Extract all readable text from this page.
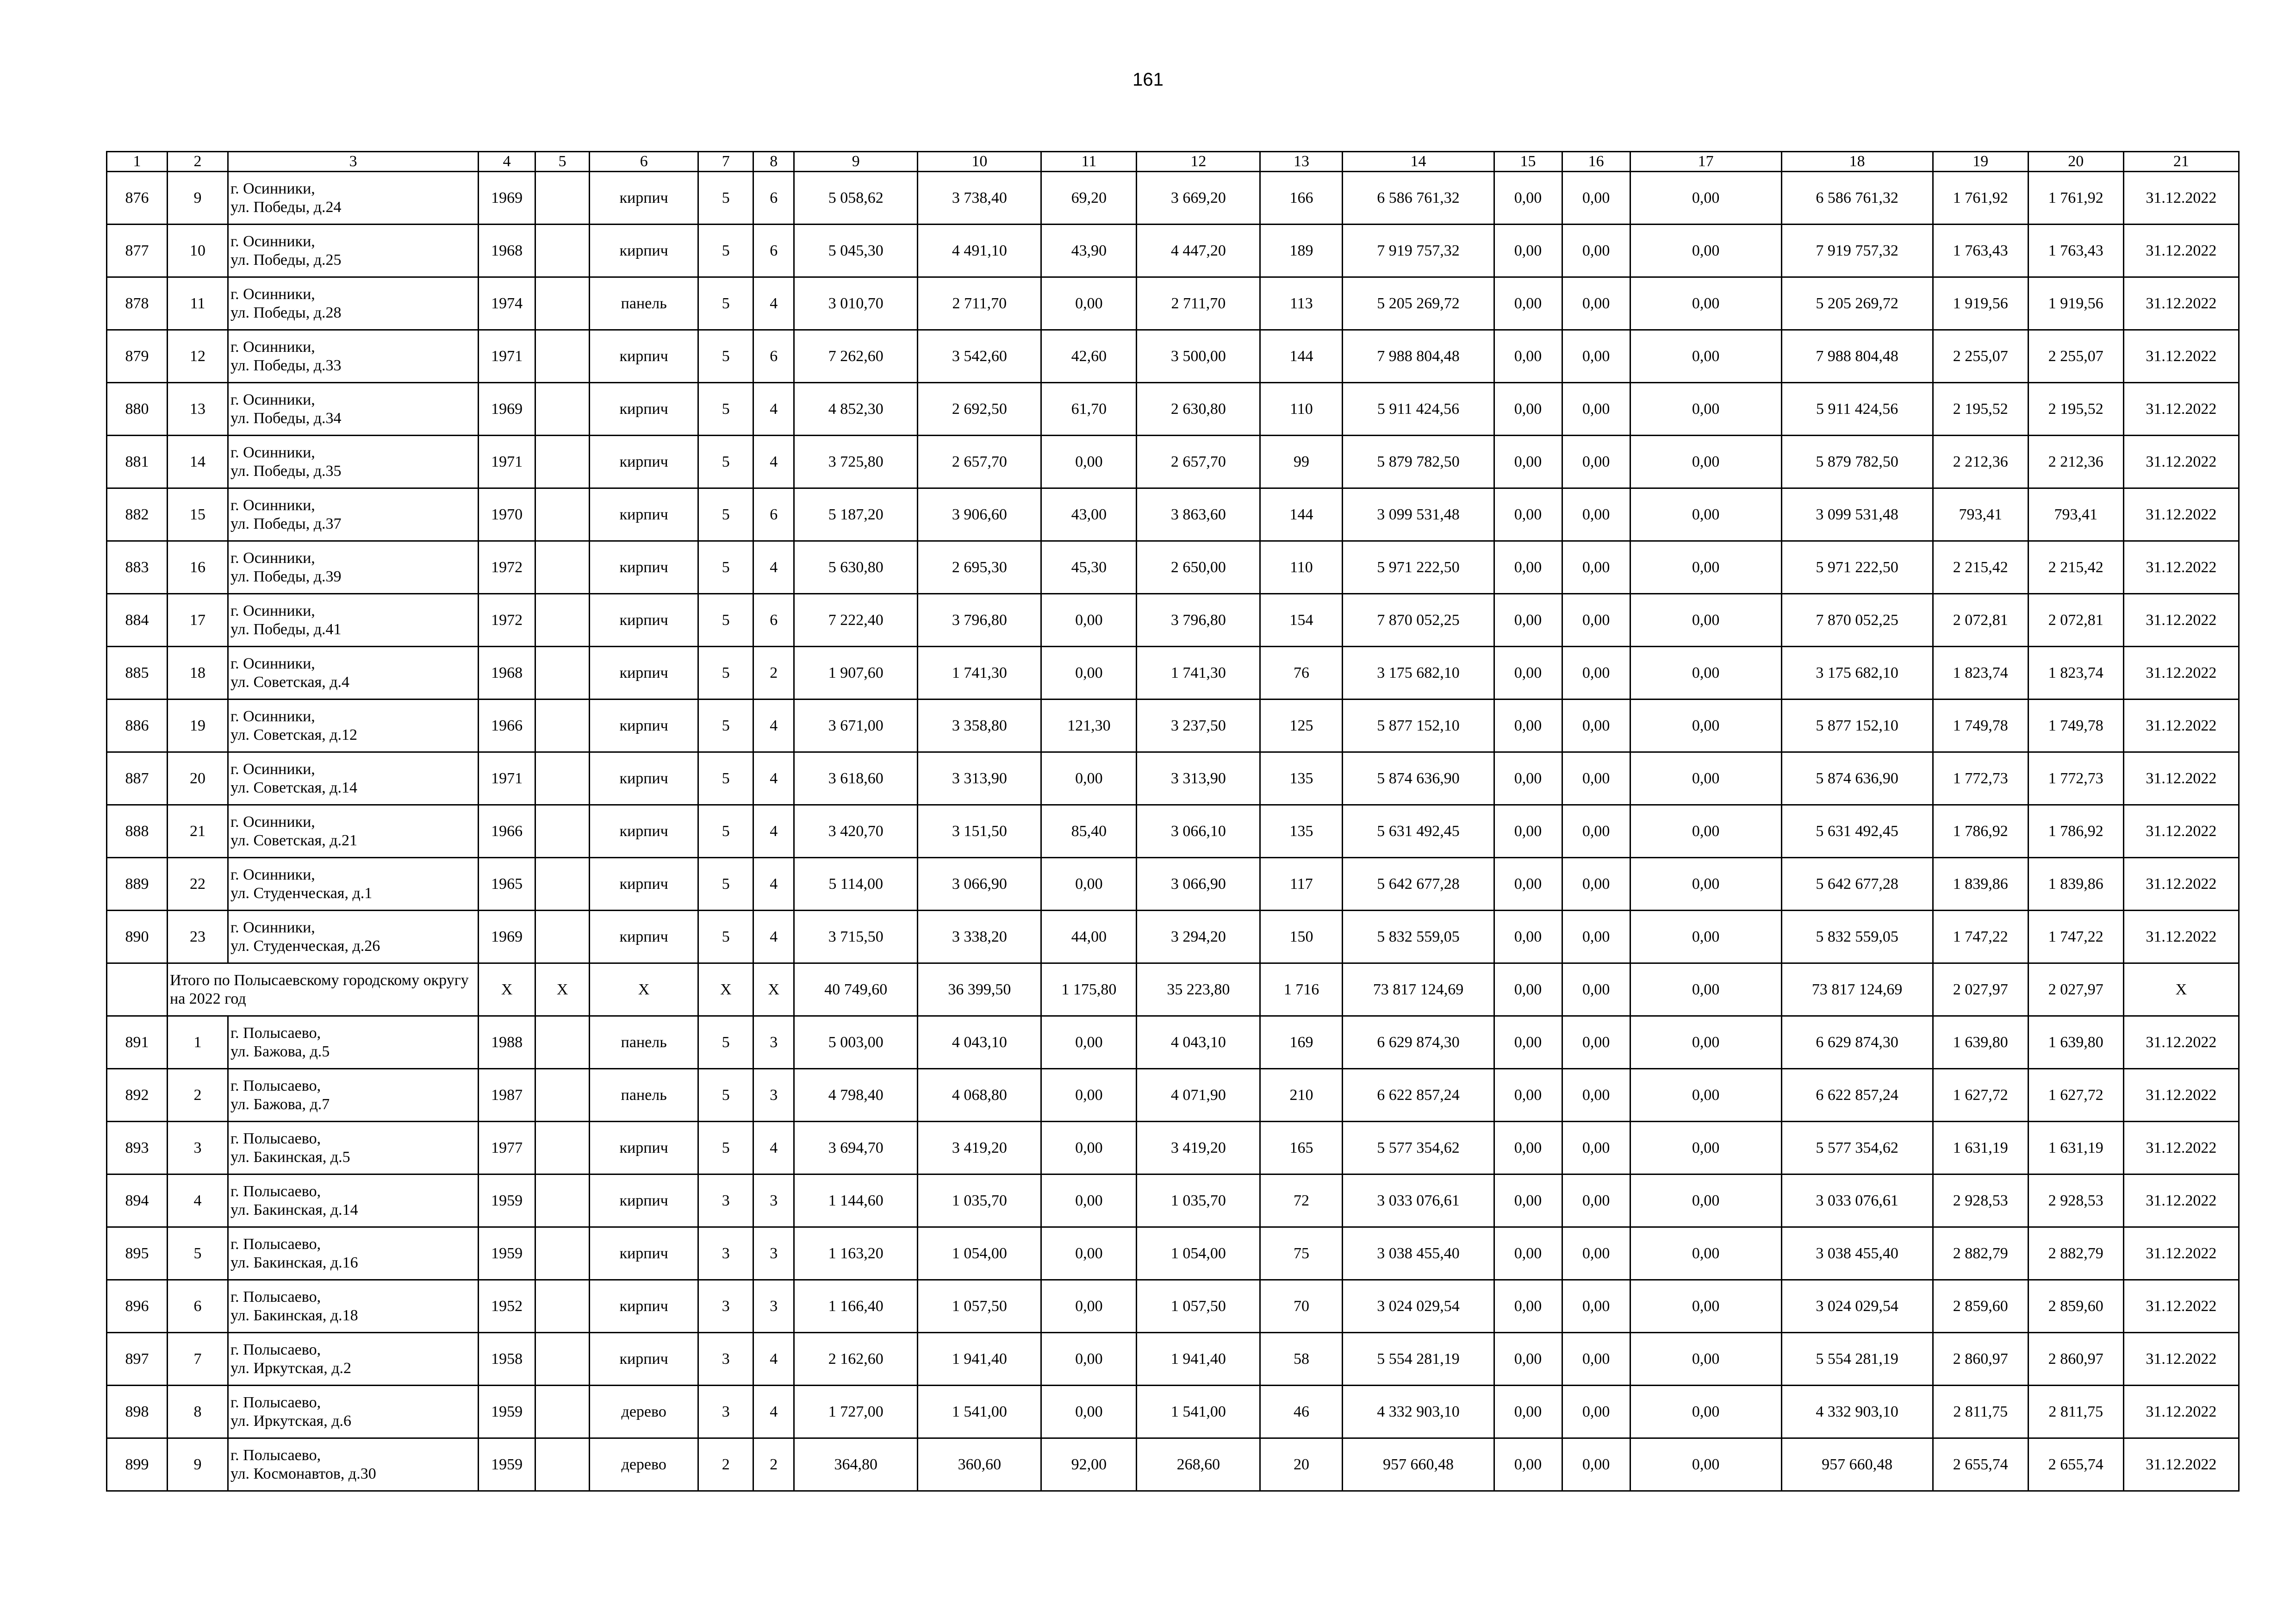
161
1	2	3	4	5	6	7	8	9	10	11	12	13	14	15	16	17	18	19	20	21
876	9	г. Осинники,
ул. Победы, д.24	1969		кирпич	5	6	5 058,62	3 738,40	69,20	3 669,20	166	6 586 761,32	0,00	0,00	0,00	6 586 761,32	1 761,92	1 761,92	31.12.2022
877	10	г. Осинники,
ул. Победы, д.25	1968		кирпич	5	6	5 045,30	4 491,10	43,90	4 447,20	189	7 919 757,32	0,00	0,00	0,00	7 919 757,32	1 763,43	1 763,43	31.12.2022
878	11	г. Осинники,
ул. Победы, д.28	1974		панель	5	4	3 010,70	2 711,70	0,00	2 711,70	113	5 205 269,72	0,00	0,00	0,00	5 205 269,72	1 919,56	1 919,56	31.12.2022
879	12	г. Осинники,
ул. Победы, д.33	1971		кирпич	5	6	7 262,60	3 542,60	42,60	3 500,00	144	7 988 804,48	0,00	0,00	0,00	7 988 804,48	2 255,07	2 255,07	31.12.2022
880	13	г. Осинники,
ул. Победы, д.34	1969		кирпич	5	4	4 852,30	2 692,50	61,70	2 630,80	110	5 911 424,56	0,00	0,00	0,00	5 911 424,56	2 195,52	2 195,52	31.12.2022
881	14	г. Осинники,
ул. Победы, д.35	1971		кирпич	5	4	3 725,80	2 657,70	0,00	2 657,70	99	5 879 782,50	0,00	0,00	0,00	5 879 782,50	2 212,36	2 212,36	31.12.2022
882	15	г. Осинники,
ул. Победы, д.37	1970		кирпич	5	6	5 187,20	3 906,60	43,00	3 863,60	144	3 099 531,48	0,00	0,00	0,00	3 099 531,48	793,41	793,41	31.12.2022
883	16	г. Осинники,
ул. Победы, д.39	1972		кирпич	5	4	5 630,80	2 695,30	45,30	2 650,00	110	5 971 222,50	0,00	0,00	0,00	5 971 222,50	2 215,42	2 215,42	31.12.2022
884	17	г. Осинники,
ул. Победы, д.41	1972		кирпич	5	6	7 222,40	3 796,80	0,00	3 796,80	154	7 870 052,25	0,00	0,00	0,00	7 870 052,25	2 072,81	2 072,81	31.12.2022
885	18	г. Осинники,
ул. Советская, д.4	1968		кирпич	5	2	1 907,60	1 741,30	0,00	1 741,30	76	3 175 682,10	0,00	0,00	0,00	3 175 682,10	1 823,74	1 823,74	31.12.2022
886	19	г. Осинники,
ул. Советская, д.12	1966		кирпич	5	4	3 671,00	3 358,80	121,30	3 237,50	125	5 877 152,10	0,00	0,00	0,00	5 877 152,10	1 749,78	1 749,78	31.12.2022
887	20	г. Осинники,
ул. Советская, д.14	1971		кирпич	5	4	3 618,60	3 313,90	0,00	3 313,90	135	5 874 636,90	0,00	0,00	0,00	5 874 636,90	1 772,73	1 772,73	31.12.2022
888	21	г. Осинники,
ул. Советская, д.21	1966		кирпич	5	4	3 420,70	3 151,50	85,40	3 066,10	135	5 631 492,45	0,00	0,00	0,00	5 631 492,45	1 786,92	1 786,92	31.12.2022
889	22	г. Осинники,
ул. Студенческая, д.1	1965		кирпич	5	4	5 114,00	3 066,90	0,00	3 066,90	117	5 642 677,28	0,00	0,00	0,00	5 642 677,28	1 839,86	1 839,86	31.12.2022
890	23	г. Осинники,
ул. Студенческая, д.26	1969		кирпич	5	4	3 715,50	3 338,20	44,00	3 294,20	150	5 832 559,05	0,00	0,00	0,00	5 832 559,05	1 747,22	1 747,22	31.12.2022
	Итого по Полысаевскому городскому округу на 2022 год		X	X	X	X	X	40 749,60	36 399,50	1 175,80	35 223,80	1 716	73 817 124,69	0,00	0,00	0,00	73 817 124,69	2 027,97	2 027,97	X
891	1	г. Полысаево,
ул. Бажова, д.5	1988		панель	5	3	5 003,00	4 043,10	0,00	4 043,10	169	6 629 874,30	0,00	0,00	0,00	6 629 874,30	1 639,80	1 639,80	31.12.2022
892	2	г. Полысаево,
ул. Бажова, д.7	1987		панель	5	3	4 798,40	4 068,80	0,00	4 071,90	210	6 622 857,24	0,00	0,00	0,00	6 622 857,24	1 627,72	1 627,72	31.12.2022
893	3	г. Полысаево,
ул. Бакинская, д.5	1977		кирпич	5	4	3 694,70	3 419,20	0,00	3 419,20	165	5 577 354,62	0,00	0,00	0,00	5 577 354,62	1 631,19	1 631,19	31.12.2022
894	4	г. Полысаево,
ул. Бакинская, д.14	1959		кирпич	3	3	1 144,60	1 035,70	0,00	1 035,70	72	3 033 076,61	0,00	0,00	0,00	3 033 076,61	2 928,53	2 928,53	31.12.2022
895	5	г. Полысаево,
ул. Бакинская, д.16	1959		кирпич	3	3	1 163,20	1 054,00	0,00	1 054,00	75	3 038 455,40	0,00	0,00	0,00	3 038 455,40	2 882,79	2 882,79	31.12.2022
896	6	г. Полысаево,
ул. Бакинская, д.18	1952		кирпич	3	3	1 166,40	1 057,50	0,00	1 057,50	70	3 024 029,54	0,00	0,00	0,00	3 024 029,54	2 859,60	2 859,60	31.12.2022
897	7	г. Полысаево,
ул. Иркутская, д.2	1958		кирпич	3	4	2 162,60	1 941,40	0,00	1 941,40	58	5 554 281,19	0,00	0,00	0,00	5 554 281,19	2 860,97	2 860,97	31.12.2022
898	8	г. Полысаево,
ул. Иркутская, д.6	1959		дерево	3	4	1 727,00	1 541,00	0,00	1 541,00	46	4 332 903,10	0,00	0,00	0,00	4 332 903,10	2 811,75	2 811,75	31.12.2022
899	9	г. Полысаево,
ул. Космонавтов, д.30	1959		дерево	2	2	364,80	360,60	92,00	268,60	20	957 660,48	0,00	0,00	0,00	957 660,48	2 655,74	2 655,74	31.12.2022
